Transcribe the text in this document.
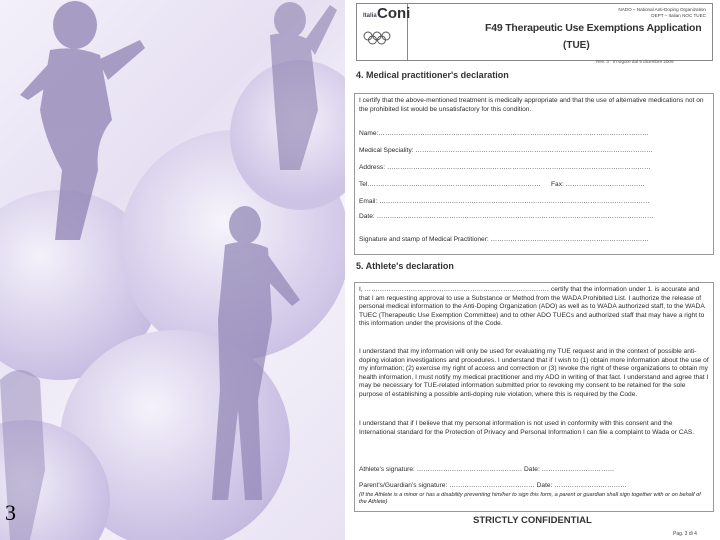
3
Italia Coni	NADO – National Anti-Doping Organization
DEPT – Italian NOC TUEC
F49 Therapeutic Use Exemptions Application
(TUE)
Rev. 3 · In vigore dal 5 dicembre 2009
4. Medical practitioner's declaration
I certify that the above-mentioned treatment is medically appropriate and that the use of alternative medications not on the prohibited list would be unsatisfactory for this condition.
Name:……………………………………………………………………………………………………………
Medical Speciality: ………………………………………………………………………………………………
Address: …………………………………………………………………………………………………………
Tel.……………………………………………………………………	Fax: ………………………………
Email: ……………………………………………………………………………………………………………
Date: ………………………………………………………………………………………………………………
Signature and stamp of Medical Practitioner: ………………………………………………………………
5. Athlete's declaration
I, ………………………………………………………………………… certify that the information under 1. is accurate and that I am requesting approval to use a Substance or Method from the WADA Prohibited List. I authorize the release of personal medical information to the Anti-Doping Organization (ADO) as well as to WADA authorized staff, to the WADA TUEC (Therapeutic Use Exemption Committee) and to other ADO TUECs and authorized staff that may have a right to this information under the provisions of the Code.
I understand that my information will only be used for evaluating my TUE request and in the context of possible anti-doping violation investigations and procedures. I understand that if I wish to (1) obtain more information about the use of my information; (2) exercise my right of access and correction or (3) revoke the right of these organizations to obtain my health information, I must notify my medical practitioner and my ADO in writing of that fact. I understand and agree that I may be necessary for TUE-related information submitted prior to revoking my consent to be retained for the sole purpose of establishing a possible anti-doping rule violation, where this is required by the Code.
I understand that if I believe that my personal information is not used in conformity with this consent and the International standard for the Protection of Privacy and Personal Information I can file a complaint to Wada or CAS.
Athlete's signature: ………………………………………… Date: ……………………………
Parent's/Guardian's signature: ………………………………… Date: ……………………………
(If the Athlete is a minor or has a disability preventing him/her to sign this form, a parent or guardian shall sign together with or on behalf of the Athlete)
STRICTLY CONFIDENTIAL
Pag. 3 di 4
